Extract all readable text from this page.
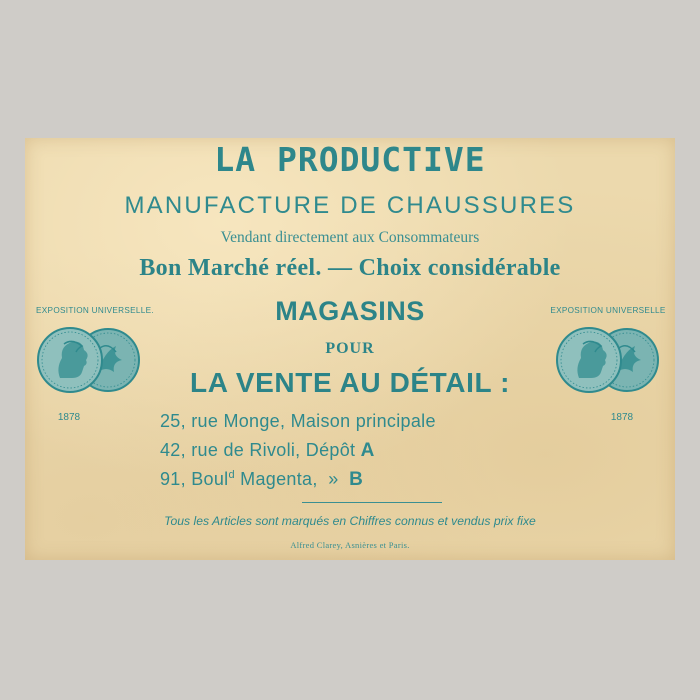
LA PRODUCTIVE
MANUFACTURE DE CHAUSSURES
Vendant directement aux Consommateurs
Bon Marché réel. — Choix considérable
MAGASINS
POUR
LA VENTE AU DÉTAIL :
25, rue Monge, Maison principale
42, rue de Rivoli, Dépôt A
91, Boul$^d$ Magenta,  »  B
Tous les Articles sont marqués en Chiffres connus et vendus prix fixe
Alfred Clarey, Asnières et Paris.
EXPOSITION UNIVERSELLE.
1878
EXPOSITION UNIVERSELLE
1878
